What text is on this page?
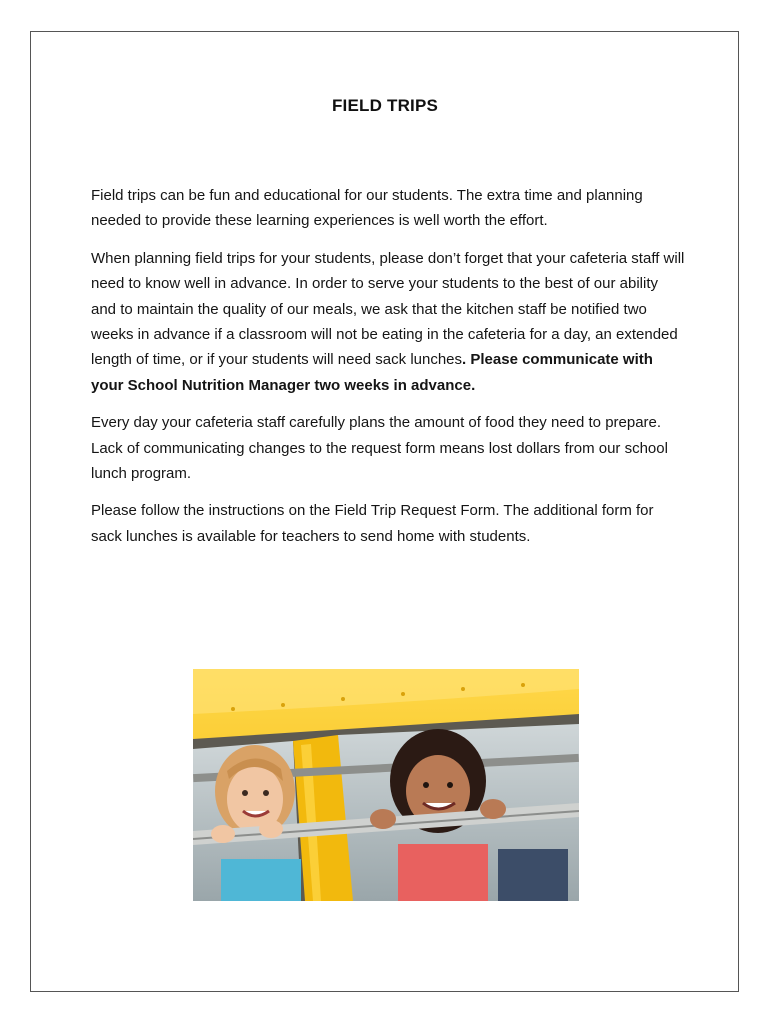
FIELD TRIPS

Field trips can be fun and educational for our students. The extra time and planning needed to provide these learning experiences is well worth the effort.

When planning field trips for your students, please don’t forget that your cafeteria staff will need to know well in advance. In order to serve your students to the best of our ability and to maintain the quality of our meals, we ask that the kitchen staff be notified two weeks in advance if a classroom will not be eating in the cafeteria for a day, an extended length of time, or if your students will need sack lunches. Please communicate with your School Nutrition Manager two weeks in advance.

Every day your cafeteria staff carefully plans the amount of food they need to prepare. Lack of communicating changes to the request form means lost dollars from our school lunch program.

Please follow the instructions on the Field Trip Request Form. The additional form for sack lunches is available for teachers to send home with students.
